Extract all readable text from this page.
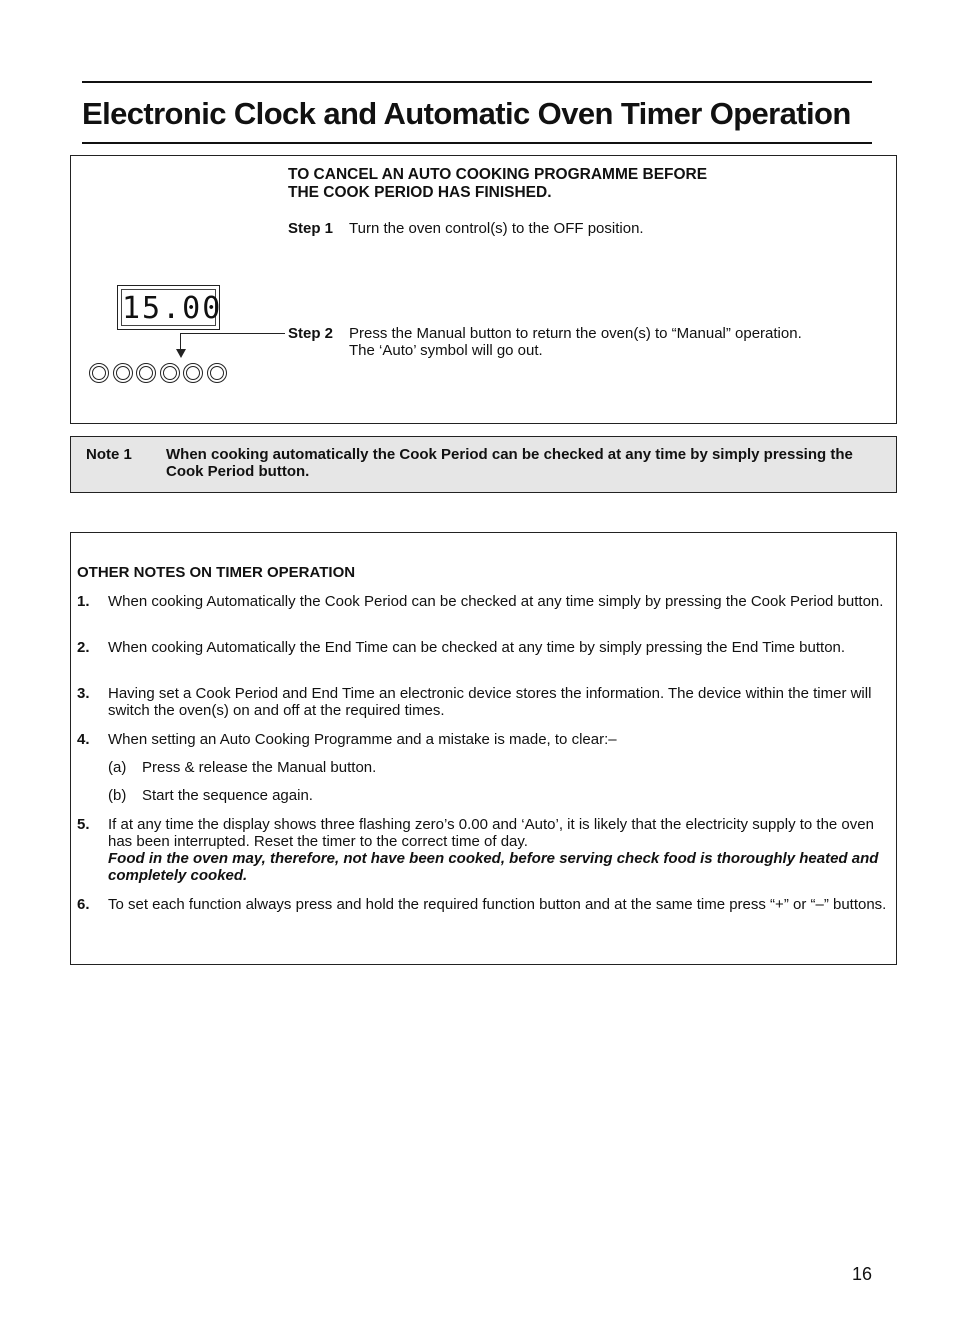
Electronic Clock and Automatic Oven Timer Operation
TO CANCEL AN AUTO COOKING PROGRAMME BEFORE
THE COOK PERIOD HAS FINISHED.
Step 1 Turn the oven control(s) to the OFF position.
15.00
Step 2 Press the Manual button to return the oven(s) to “Manual” operation.
The ‘Auto’ symbol will go out.
Note 1 When cooking automatically the Cook Period can be checked at any time by simply pressing the Cook Period button.
OTHER NOTES ON TIMER OPERATION
1. When cooking Automatically the Cook Period can be checked at any time simply by pressing the Cook Period button.
2. When cooking Automatically the End Time can be checked at any time by simply pressing the End Time button.
3. Having set a Cook Period and End Time an electronic device stores the information. The device within the timer will switch the oven(s) on and off at the required times.
4. When setting an Auto Cooking Programme and a mistake is made, to clear:–
(a) Press & release the Manual button.
(b) Start the sequence again.
5. If at any time the display shows three flashing zero’s 0.00 and ‘Auto’, it is likely that the electricity supply to the oven has been interrupted. Reset the timer to the correct time of day.
Food in the oven may, therefore, not have been cooked, before serving check food is thoroughly heated and completely cooked.
6. To set each function always press and hold the required function button and at the same time press “+” or “–” buttons.
16
